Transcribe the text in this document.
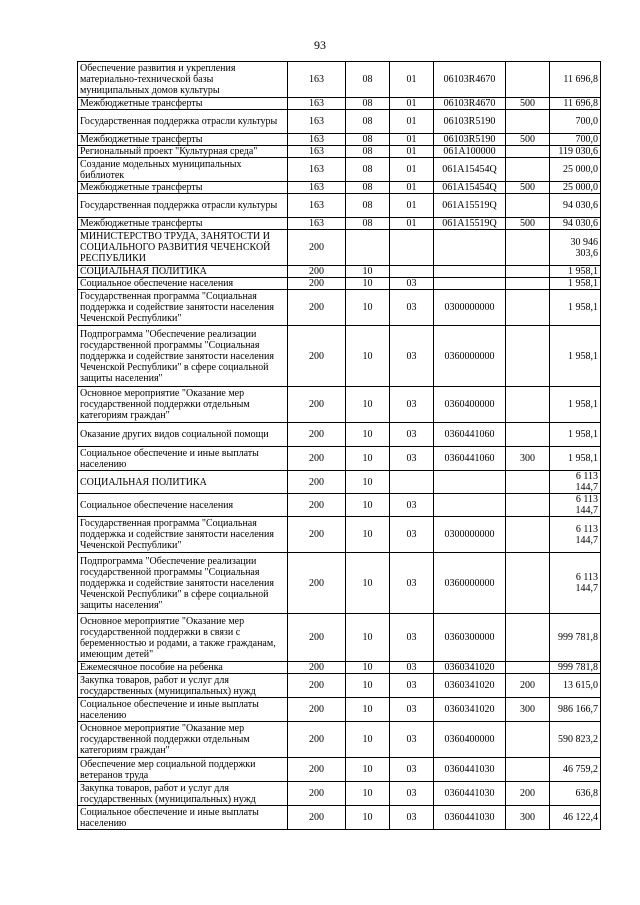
93
Обеспечение развития и укрепления материально-технической базы муниципальных домов культуры	163	08	01	06103R4670		11 696,8
Межбюджетные трансферты	163	08	01	06103R4670	500	11 696,8
Государственная поддержка отрасли культуры	163	08	01	06103R5190		700,0
Межбюджетные трансферты	163	08	01	06103R5190	500	700,0
Региональный проект "Культурная среда"	163	08	01	061A100000		119 030,6
Создание модельных муниципальных библиотек	163	08	01	061A15454Q		25 000,0
Межбюджетные трансферты	163	08	01	061A15454Q	500	25 000,0
Государственная поддержка отрасли культуры	163	08	01	061A15519Q		94 030,6
Межбюджетные трансферты	163	08	01	061A15519Q	500	94 030,6
МИНИСТЕРСТВО ТРУДА, ЗАНЯТОСТИ И СОЦИАЛЬНОГО РАЗВИТИЯ ЧЕЧЕНСКОЙ РЕСПУБЛИКИ	200					30 946 303,6
СОЦИАЛЬНАЯ ПОЛИТИКА	200	10				1 958,1
Социальное обеспечение населения	200	10	03			1 958,1
Государственная программа "Социальная поддержка и содействие занятости населения Чеченской Республики"	200	10	03	0300000000		1 958,1
Подпрограмма "Обеспечение реализации государственной программы "Социальная поддержка и содействие занятости населения Чеченской Республики" в сфере социальной защиты населения"	200	10	03	0360000000		1 958,1
Основное мероприятие "Оказание мер государственной поддержки отдельным категориям граждан"	200	10	03	0360400000		1 958,1
Оказание других видов социальной помощи	200	10	03	0360441060		1 958,1
Социальное обеспечение и иные выплаты населению	200	10	03	0360441060	300	1 958,1
СОЦИАЛЬНАЯ ПОЛИТИКА	200	10				6 113 144,7
Социальное обеспечение населения	200	10	03			6 113 144,7
Государственная программа "Социальная поддержка и содействие занятости населения Чеченской Республики"	200	10	03	0300000000		6 113 144,7
Подпрограмма "Обеспечение реализации государственной программы "Социальная поддержка и содействие занятости населения Чеченской Республики" в сфере социальной защиты населения"	200	10	03	0360000000		6 113 144,7
Основное мероприятие "Оказание мер государственной поддержки в связи с беременностью и родами, а также гражданам, имеющим детей"	200	10	03	0360300000		999 781,8
Ежемесячное пособие на ребенка	200	10	03	0360341020		999 781,8
Закупка товаров, работ и услуг для государственных (муниципальных) нужд	200	10	03	0360341020	200	13 615,0
Социальное обеспечение и иные выплаты населению	200	10	03	0360341020	300	986 166,7
Основное мероприятие "Оказание мер государственной поддержки отдельным категориям граждан"	200	10	03	0360400000		590 823,2
Обеспечение мер социальной поддержки ветеранов труда	200	10	03	0360441030		46 759,2
Закупка товаров, работ и услуг для государственных (муниципальных) нужд	200	10	03	0360441030	200	636,8
Социальное обеспечение и иные выплаты населению	200	10	03	0360441030	300	46 122,4
